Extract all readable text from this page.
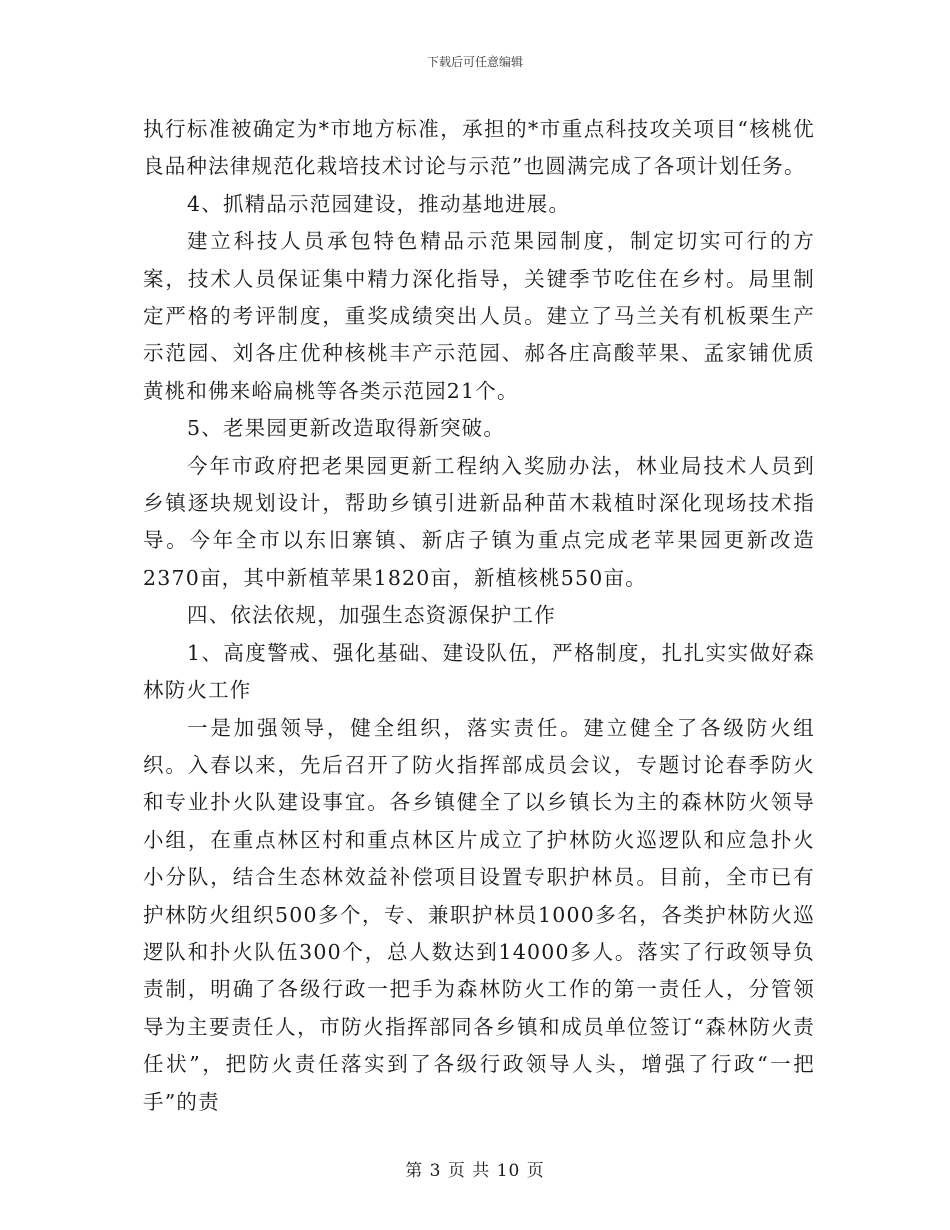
下载后可任意编辑

执行标准被确定为*市地方标准，承担的*市重点科技攻关项目“核桃优良品种法律规范化栽培技术讨论与示范”也圆满完成了各项计划任务。

4、抓精品示范园建设，推动基地进展。

建立科技人员承包特色精品示范果园制度，制定切实可行的方案，技术人员保证集中精力深化指导，关键季节吃住在乡村。局里制定严格的考评制度，重奖成绩突出人员。建立了马兰关有机板栗生产示范园、刘各庄优种核桃丰产示范园、郝各庄高酸苹果、孟家铺优质黄桃和佛来峪扁桃等各类示范园21个。

5、老果园更新改造取得新突破。

今年市政府把老果园更新工程纳入奖励办法，林业局技术人员到乡镇逐块规划设计，帮助乡镇引进新品种苗木栽植时深化现场技术指导。今年全市以东旧寨镇、新店子镇为重点完成老苹果园更新改造2370亩，其中新植苹果1820亩，新植核桃550亩。

四、依法依规，加强生态资源保护工作

1、高度警戒、强化基础、建设队伍，严格制度，扎扎实实做好森林防火工作

一是加强领导，健全组织，落实责任。建立健全了各级防火组织。入春以来，先后召开了防火指挥部成员会议，专题讨论春季防火和专业扑火队建设事宜。各乡镇健全了以乡镇长为主的森林防火领导小组，在重点林区村和重点林区片成立了护林防火巡逻队和应急扑火小分队，结合生态林效益补偿项目设置专职护林员。目前，全市已有护林防火组织500多个，专、兼职护林员1000多名，各类护林防火巡逻队和扑火队伍300个，总人数达到14000多人。落实了行政领导负责制，明确了各级行政一把手为森林防火工作的第一责任人，分管领导为主要责任人，市防火指挥部同各乡镇和成员单位签订“森林防火责任状”，把防火责任落实到了各级行政领导人头，增强了行政“一把手”的责

第 3 页 共 10 页
